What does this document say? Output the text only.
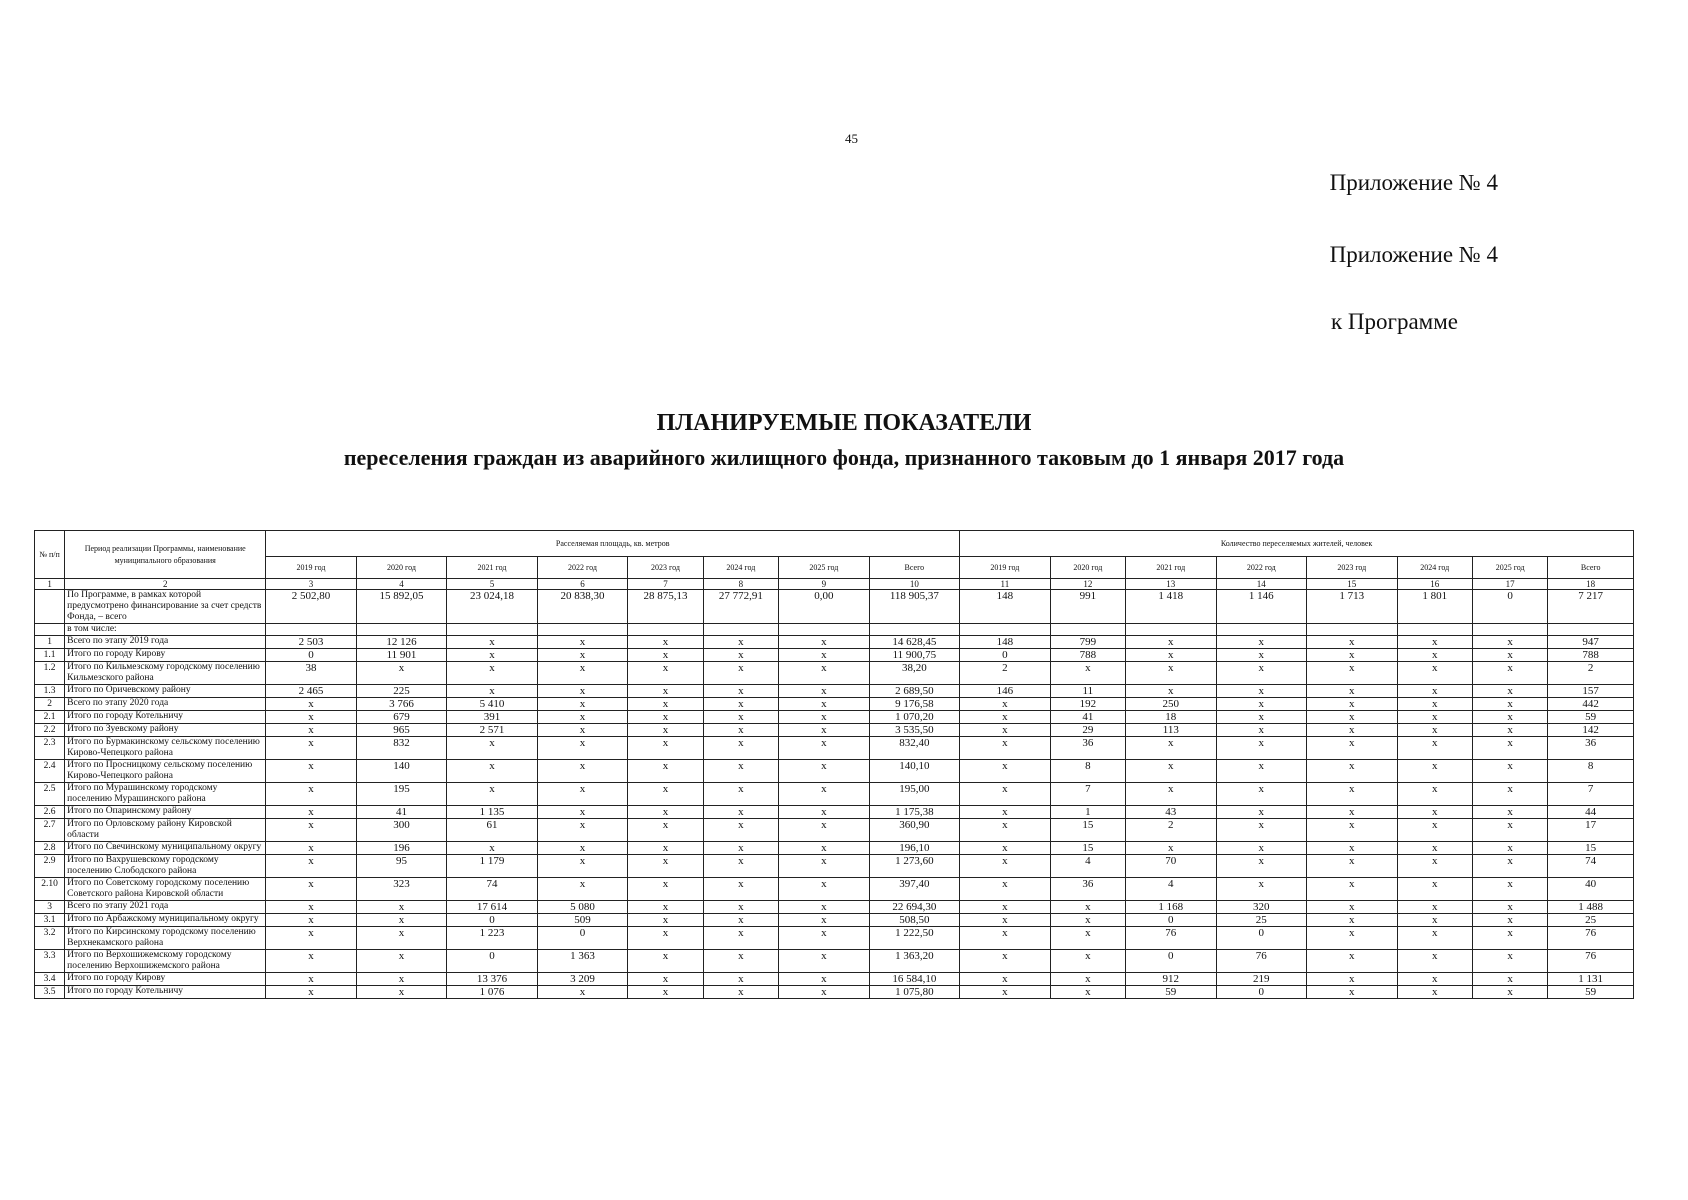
45
Приложение № 4
Приложение № 4
к Программе
ПЛАНИРУЕМЫЕ ПОКАЗАТЕЛИ
переселения граждан из аварийного жилищного фонда, признанного таковым до 1 января 2017 года
№ п/п	Период реализации Программы, наименование муниципального образования	Расселяемая площадь, кв. метров								Количество переселяемых жителей, человек							
		2019 год	2020 год	2021 год	2022 год	2023 год	2024 год	2025 год	Всего	2019 год	2020 год	2021 год	2022 год	2023 год	2024 год	2025 год	Всего
1	2	3	4	5	6	7	8	9	10	11	12	13	14	15	16	17	18
	По Программе, в рамках которой предусмотрено финансирование за счет средств Фонда, – всего	2 502,80	15 892,05	23 024,18	20 838,30	28 875,13	27 772,91	0,00	118 905,37	148	991	1 418	1 146	1 713	1 801	0	7 217
	в том числе:																
1	Всего по этапу 2019 года	2 503	12 126	x	x	x	x	x	14 628,45	148	799	x	x	x	x	x	947
1.1	Итого по городу Кирову	0	11 901	x	x	x	x	x	11 900,75	0	788	x	x	x	x	x	788
1.2	Итого по Кильмезскому городскому поселению Кильмезского района	38	x	x	x	x	x	x	38,20	2	x	x	x	x	x	x	2
1.3	Итого по Оричевскому району	2 465	225	x	x	x	x	x	2 689,50	146	11	x	x	x	x	x	157
2	Всего по этапу 2020 года	x	3 766	5 410	x	x	x	x	9 176,58	x	192	250	x	x	x	x	442
2.1	Итого по городу Котельничу	x	679	391	x	x	x	x	1 070,20	x	41	18	x	x	x	x	59
2.2	Итого по Зуевскому району	x	965	2 571	x	x	x	x	3 535,50	x	29	113	x	x	x	x	142
2.3	Итого по Бурмакинскому сельскому поселению Кирово-Чепецкого района	x	832	x	x	x	x	x	832,40	x	36	x	x	x	x	x	36
2.4	Итого по Просницкому сельскому поселению Кирово-Чепецкого района	x	140	x	x	x	x	x	140,10	x	8	x	x	x	x	x	8
2.5	Итого по Мурашинскому городскому поселению Мурашинского района	x	195	x	x	x	x	x	195,00	x	7	x	x	x	x	x	7
2.6	Итого по Опаринскому району	x	41	1 135	x	x	x	x	1 175,38	x	1	43	x	x	x	x	44
2.7	Итого по Орловскому району Кировской области	x	300	61	x	x	x	x	360,90	x	15	2	x	x	x	x	17
2.8	Итого по Свечинскому муниципальному округу	x	196	x	x	x	x	x	196,10	x	15	x	x	x	x	x	15
2.9	Итого по Вахрушевскому городскому поселению Слободского района	x	95	1 179	x	x	x	x	1 273,60	x	4	70	x	x	x	x	74
2.10	Итого по Советскому городскому поселению Советского района Кировской области	x	323	74	x	x	x	x	397,40	x	36	4	x	x	x	x	40
3	Всего по этапу 2021 года	x	x	17 614	5 080	x	x	x	22 694,30	x	x	1 168	320	x	x	x	1 488
3.1	Итого по Арбажскому муниципальному округу	x	x	0	509	x	x	x	508,50	x	x	0	25	x	x	x	25
3.2	Итого по Кирсинскому городскому поселению Верхнекамского района	x	x	1 223	0	x	x	x	1 222,50	x	x	76	0	x	x	x	76
3.3	Итого по Верхошижемскому городскому поселению Верхошижемского района	x	x	0	1 363	x	x	x	1 363,20	x	x	0	76	x	x	x	76
3.4	Итого по городу Кирову	x	x	13 376	3 209	x	x	x	16 584,10	x	x	912	219	x	x	x	1 131
3.5	Итого по городу Котельничу	x	x	1 076	x	x	x	x	1 075,80	x	x	59	0	x	x	x	59
